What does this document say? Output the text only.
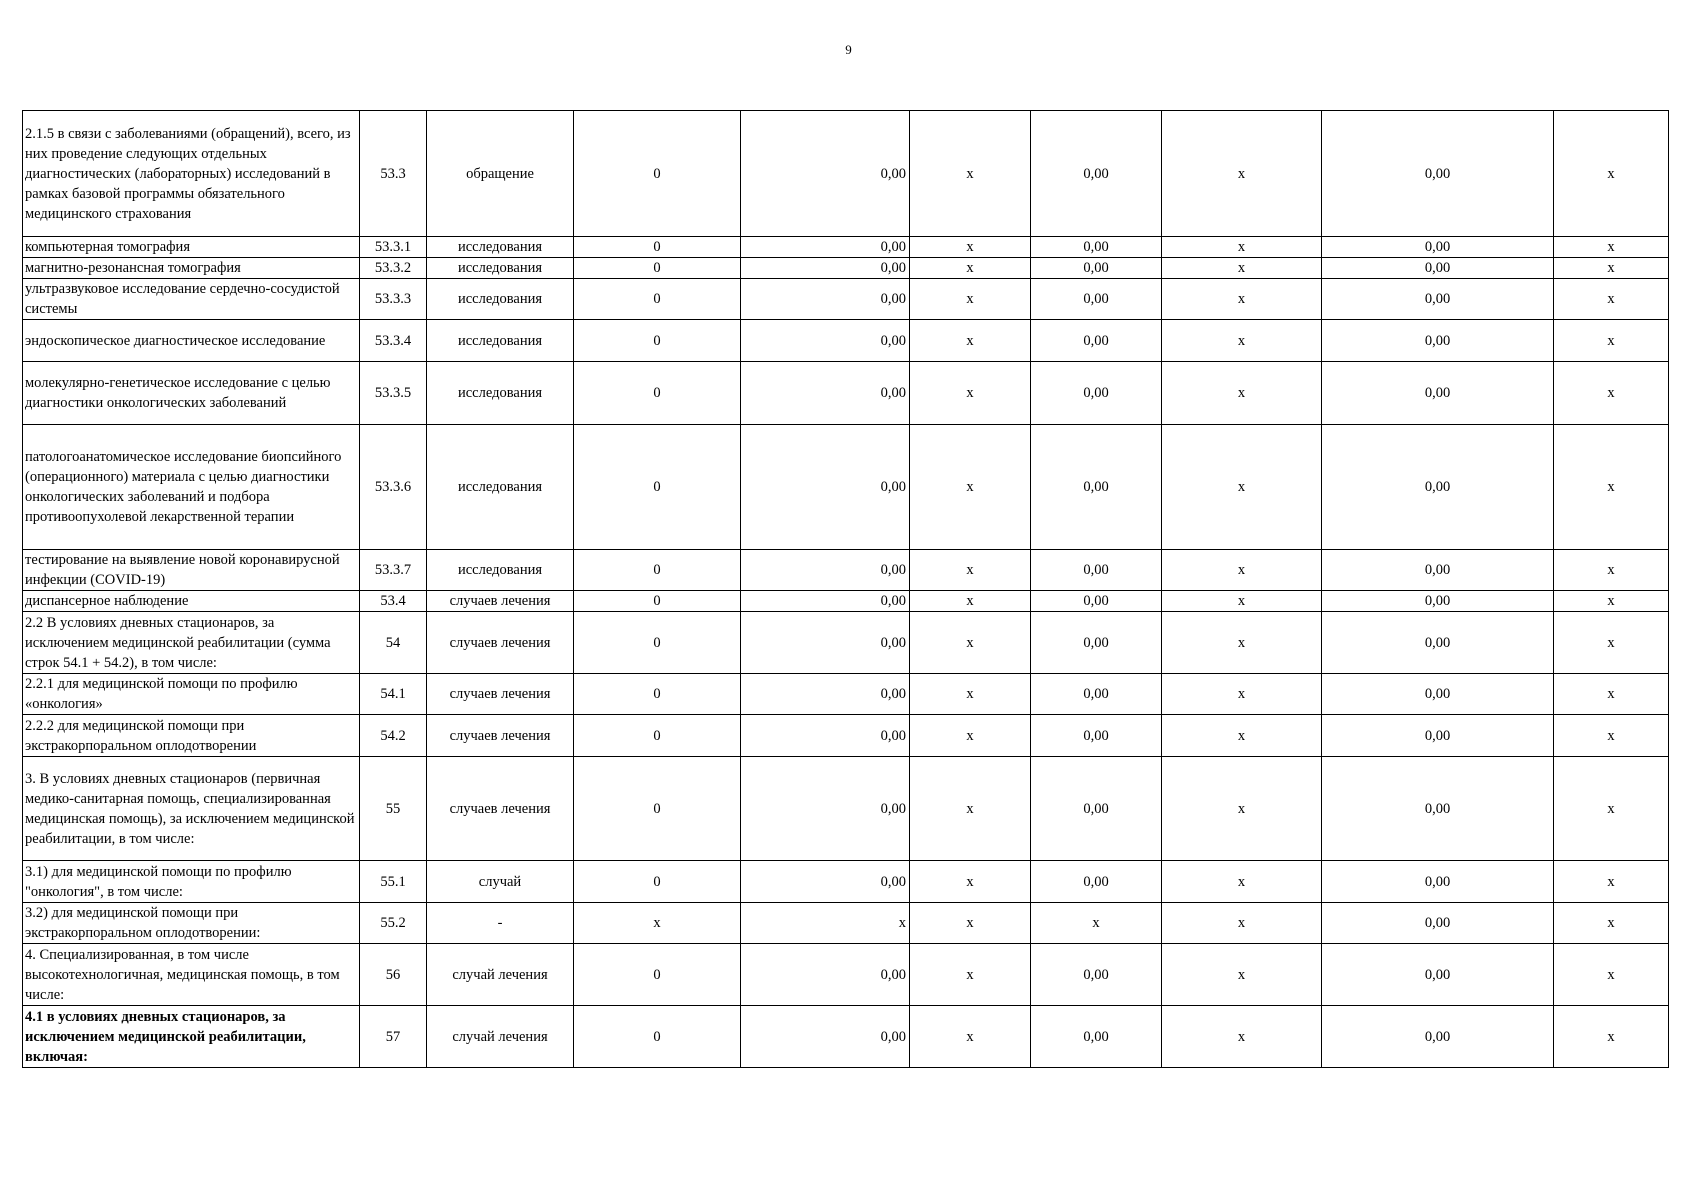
9
2.1.5 в связи с заболеваниями (обращений), всего, из них проведение следующих отдельных диагностических (лабораторных) исследований в рамках базовой программы обязательного медицинского страхования	53.3	обращение	0	0,00	x	0,00	x	0,00	x
компьютерная томография	53.3.1	исследования	0	0,00	x	0,00	x	0,00	x
магнитно-резонансная томография	53.3.2	исследования	0	0,00	x	0,00	x	0,00	x
ультразвуковое исследование сердечно-сосудистой системы	53.3.3	исследования	0	0,00	x	0,00	x	0,00	x
эндоскопическое диагностическое исследование	53.3.4	исследования	0	0,00	x	0,00	x	0,00	x
молекулярно-генетическое исследование с целью диагностики онкологических заболеваний	53.3.5	исследования	0	0,00	x	0,00	x	0,00	x
патологоанатомическое исследование биопсийного (операционного) материала с целью диагностики онкологических заболеваний и подбора противоопухолевой лекарственной терапии	53.3.6	исследования	0	0,00	x	0,00	x	0,00	x
тестирование на выявление новой коронавирусной инфекции (COVID-19)	53.3.7	исследования	0	0,00	x	0,00	x	0,00	x
диспансерное наблюдение	53.4	случаев лечения	0	0,00	x	0,00	x	0,00	x
2.2 В условиях дневных стационаров, за исключением медицинской реабилитации (сумма строк 54.1 + 54.2), в том числе:	54	случаев лечения	0	0,00	x	0,00	x	0,00	x
2.2.1 для медицинской помощи по профилю «онкология»	54.1	случаев лечения	0	0,00	x	0,00	x	0,00	x
2.2.2 для медицинской помощи при экстракорпоральном оплодотворении	54.2	случаев лечения	0	0,00	x	0,00	x	0,00	x
3. В условиях дневных стационаров (первичная медико-санитарная помощь, специализированная медицинская помощь), за исключением медицинской реабилитации, в том числе:	55	случаев лечения	0	0,00	x	0,00	x	0,00	x
3.1) для медицинской помощи по профилю "онкология", в том числе:	55.1	случай	0	0,00	x	0,00	x	0,00	x
3.2) для медицинской помощи при экстракорпоральном оплодотворении:	55.2	-	x	x	x	x	x	0,00	x
4. Специализированная, в том числе высокотехнологичная, медицинская помощь, в том числе:	56	случай лечения	0	0,00	x	0,00	x	0,00	x
4.1 в условиях дневных стационаров, за исключением медицинской реабилитации, включая:	57	случай лечения	0	0,00	x	0,00	x	0,00	x
